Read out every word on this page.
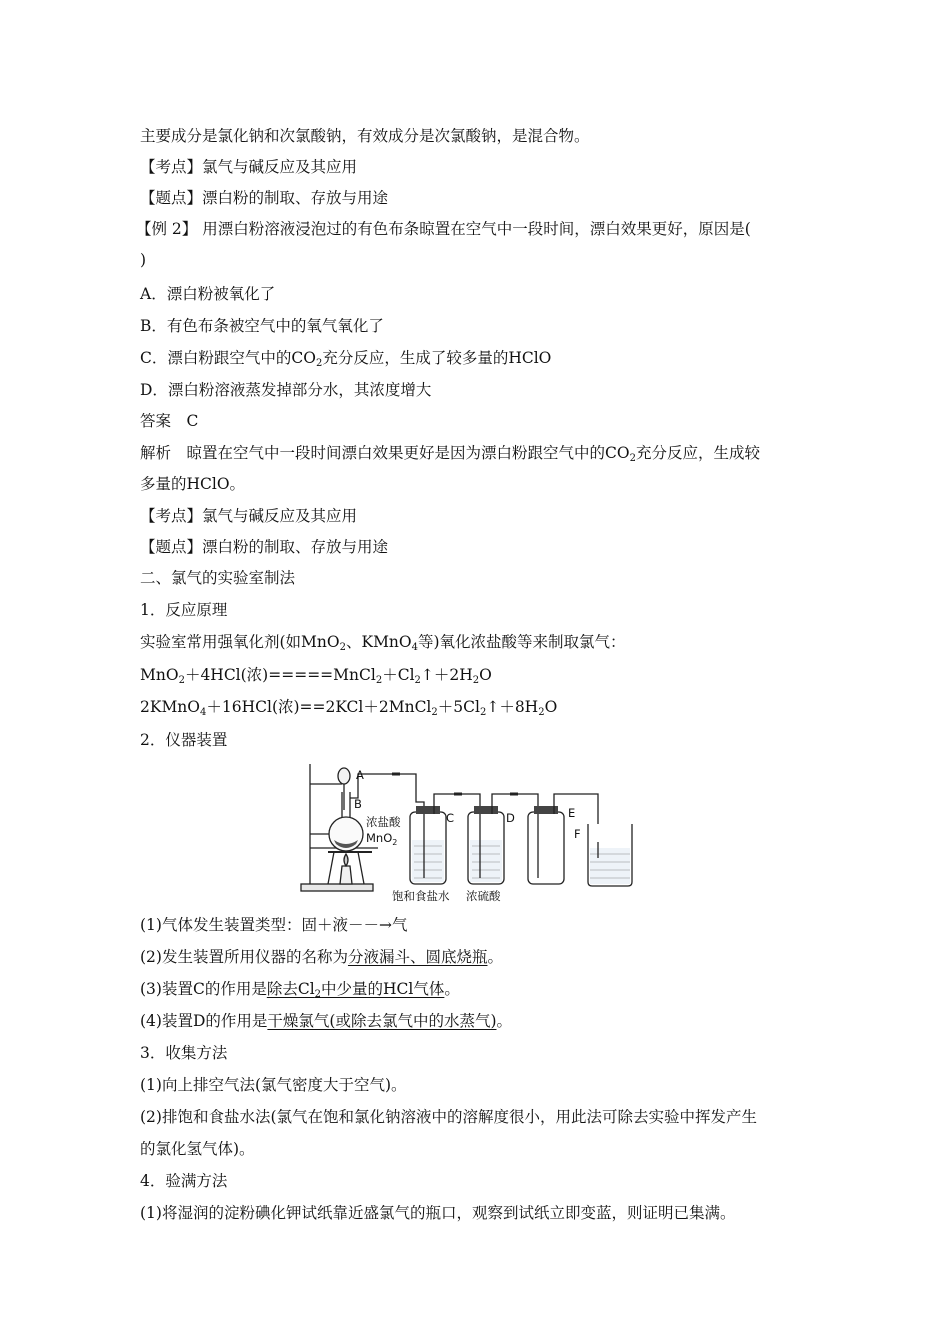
主要成分是氯化钠和次氯酸钠，有效成分是次氯酸钠，是混合物。
【考点】氯气与碱反应及其应用
【题点】漂白粉的制取、存放与用途
【例 2】 用漂白粉溶液浸泡过的有色布条晾置在空气中一段时间，漂白效果更好，原因是(
)
A．漂白粉被氧化了
B．有色布条被空气中的氧气氧化了
C．漂白粉跟空气中的$CO_2$充分反应，生成了较多量的HClO
D．漂白粉溶液蒸发掉部分水，其浓度增大
答案　C
解析　晾置在空气中一段时间漂白效果更好是因为漂白粉跟空气中的$CO_2$充分反应，生成较
多量的HClO。
【考点】氯气与碱反应及其应用
【题点】漂白粉的制取、存放与用途
二、氯气的实验室制法
1．反应原理
实验室常用强氧化剂(如MnO$_2$、KMnO$_4$等)氧化浓盐酸等来制取氯气：
MnO$_2$＋4HCl(浓)$=====MnCl_2+Cl_2↑+2H_2O$
2KMnO$_4$＋16HCl(浓)$==2KCl+2MnCl_2+5Cl_2↑+8H_2O$
2．仪器装置
A
B
C	D	E
F
浓盐酸
MnO$_2$
饱和食盐水 浓硫酸
(1)气体发生装置类型：固＋液－－→气
(2)发生装置所用仪器的名称为分液漏斗、圆底烧瓶。
(3)装置C的作用是除去$Cl_2$中少量的HCl气体。
(4)装置D的作用是干燥氯气(或除去氯气中的水蒸气)。
3．收集方法
(1)向上排空气法(氯气密度大于空气)。
(2)排饱和食盐水法(氯气在饱和氯化钠溶液中的溶解度很小，用此法可除去实验中挥发产生
的氯化氢气体)。
4．验满方法
(1)将湿润的淀粉碘化钾试纸靠近盛氯气的瓶口，观察到试纸立即变蓝，则证明已集满。
